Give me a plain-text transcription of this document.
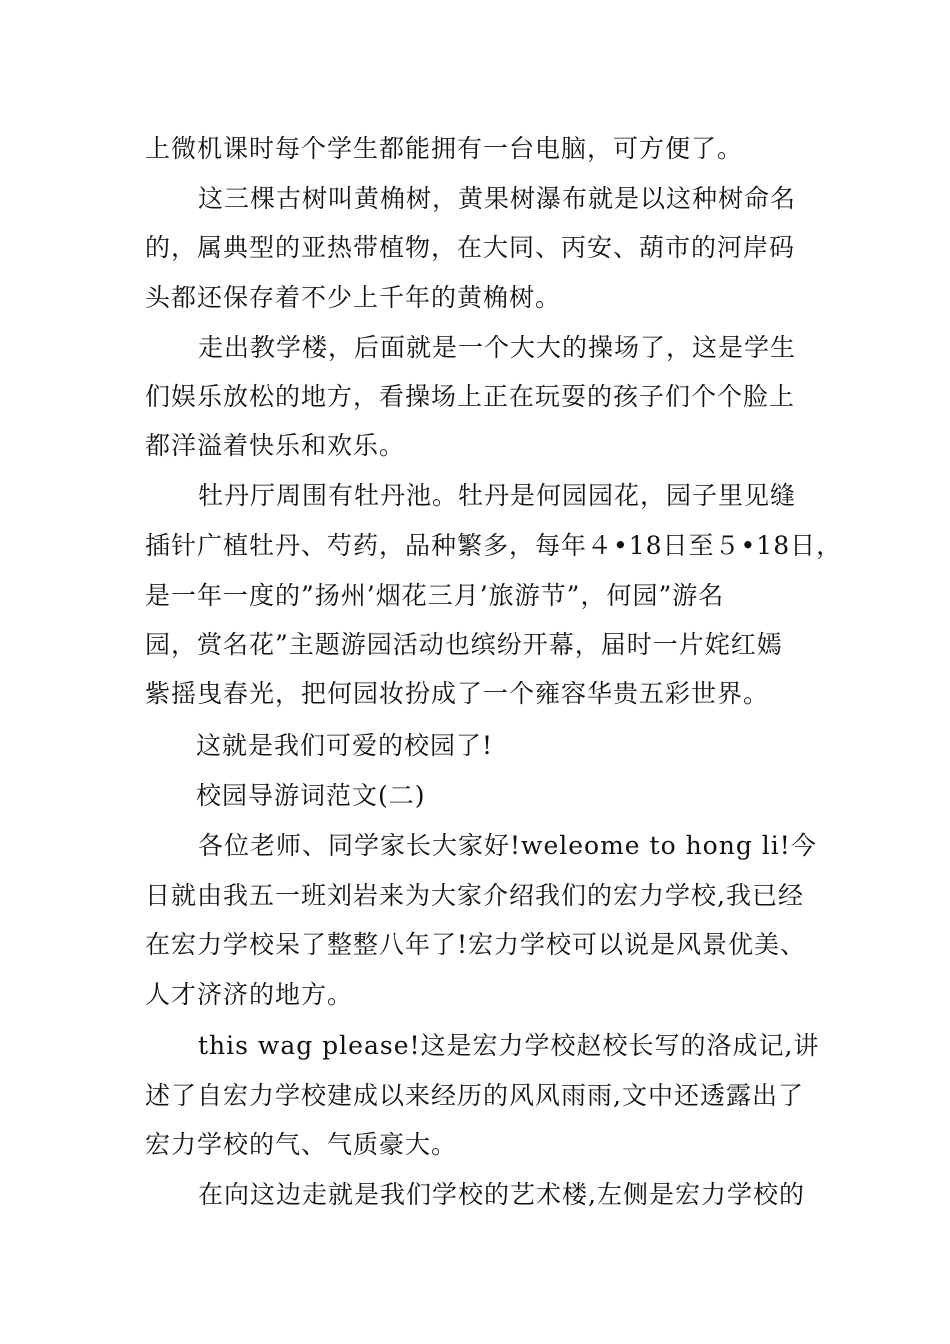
上微机课时每个学生都能拥有一台电脑，可方便了。
这三棵古树叫黄桷树，黄果树瀑布就是以这种树命名
的，属典型的亚热带植物，在大同、丙安、葫市的河岸码
头都还保存着不少上千年的黄桷树。
走出教学楼，后面就是一个大大的操场了，这是学生
们娱乐放松的地方，看操场上正在玩耍的孩子们个个脸上
都洋溢着快乐和欢乐。
牡丹厅周围有牡丹池。牡丹是何园园花，园子里见缝
插针广植牡丹、芍药，品种繁多，每年４•18日至５•18日，
是一年一度的”扬州’烟花三月’旅游节”，何园”游名
园，赏名花”主题游园活动也缤纷开幕，届时一片姹红嫣
紫摇曳春光，把何园妆扮成了一个雍容华贵五彩世界。
这就是我们可爱的校园了!
校园导游词范文(二)
各位老师、同学家长大家好!weleome to hong li!今
日就由我五一班刘岩来为大家介绍我们的宏力学校,我已经
在宏力学校呆了整整八年了!宏力学校可以说是风景优美、
人才济济的地方。
this wag please!这是宏力学校赵校长写的洛成记,讲
述了自宏力学校建成以来经历的风风雨雨,文中还透露出了
宏力学校的气、气质豪大。
在向这边走就是我们学校的艺术楼,左侧是宏力学校的
